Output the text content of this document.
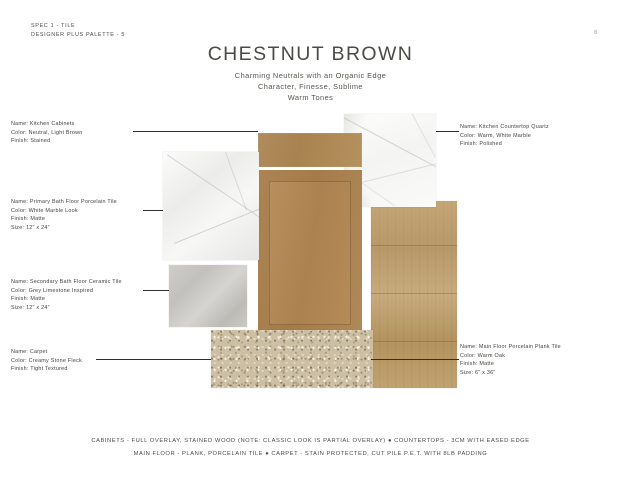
SPEC 1 - TILE
DESIGNER PLUS PALETTE - 5	8
CHESTNUT BROWN
Charming Neutrals with an Organic Edge
Character, Finesse, Sublime
Warm Tones
Name: Kitchen Cabinets
Color: Neutral, Light Brown
Finish: Stained
Name: Primary Bath Floor Porcelain Tile
Color: White Marble Look
Finish: Matte
Size: 12" x 24"
Name: Secondary Bath Floor Ceramic Tile
Color: Grey Limestone Inspired
Finish: Matte
Size: 12" x 24"
Name: Carpet
Color: Creamy Stone Fleck
Finish: Tight Textured
Name: Kitchen Countertop Quartz
Color: Warm, White Marble
Finish: Polished
Name: Main Floor Porcelain Plank Tile
Color: Warm Oak
Finish: Matte
Size: 6" x 36"
CABINETS - FULL OVERLAY, STAINED WOOD (NOTE: CLASSIC LOOK IS PARTIAL OVERLAY) ● COUNTERTOPS - 3CM WITH EASED EDGE
MAIN FLOOR - PLANK, PORCELAIN TILE ● CARPET - STAIN PROTECTED, CUT PILE P.E.T. WITH 8LB PADDING
